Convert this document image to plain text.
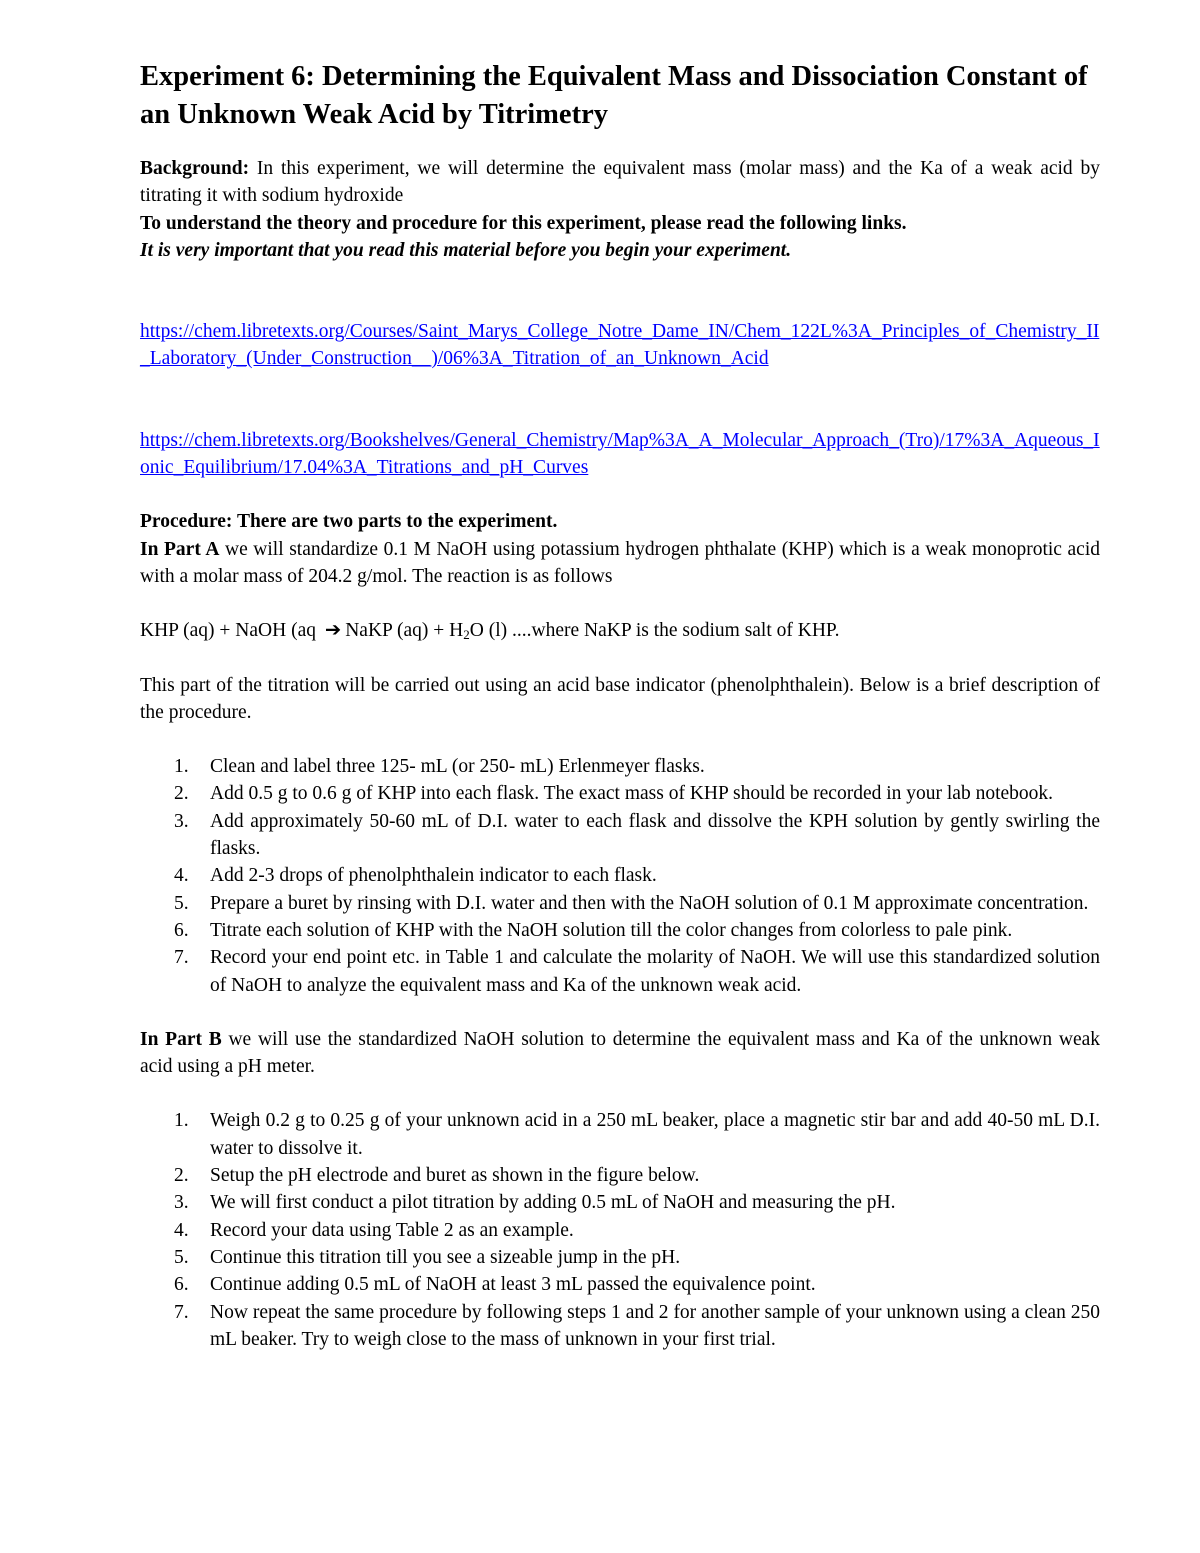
Experiment 6: Determining the Equivalent Mass and Dissociation Constant of an Unknown Weak Acid by Titrimetry

Background: In this experiment, we will determine the equivalent mass (molar mass) and the Ka of a weak acid by titrating it with sodium hydroxide

To understand the theory and procedure for this experiment, please read the following links.

It is very important that you read this material before you begin your experiment.

https://chem.libretexts.org/Courses/Saint_Marys_College_Notre_Dame_IN/Chem_122L%3A_Principles_of_Chemistry_II_Laboratory_(Under_Construction__)/06%3A_Titration_of_an_Unknown_Acid

https://chem.libretexts.org/Bookshelves/General_Chemistry/Map%3A_A_Molecular_Approach_(Tro)/17%3A_Aqueous_Ionic_Equilibrium/17.04%3A_Titrations_and_pH_Curves

Procedure: There are two parts to the experiment.

In Part A we will standardize 0.1 M NaOH using potassium hydrogen phthalate (KHP) which is a weak monoprotic acid with a molar mass of 204.2 g/mol. The reaction is as follows

KHP (aq) + NaOH (aq ➔ NaKP $(aq) + H_2O$ (l) ....where NaKP is the sodium salt of KHP.

This part of the titration will be carried out using an acid base indicator (phenolphthalein). Below is a brief description of the procedure.

1. Clean and label three 125- mL (or 250- mL) Erlenmeyer flasks.
2. Add 0.5 g to 0.6 g of KHP into each flask. The exact mass of KHP should be recorded in your lab notebook.
3. Add approximately 50-60 mL of D.I. water to each flask and dissolve the KPH solution by gently swirling the flasks.
4. Add 2-3 drops of phenolphthalein indicator to each flask.
5. Prepare a buret by rinsing with D.I. water and then with the NaOH solution of 0.1 M approximate concentration.
6. Titrate each solution of KHP with the NaOH solution till the color changes from colorless to pale pink.
7. Record your end point etc. in Table 1 and calculate the molarity of NaOH. We will use this standardized solution of NaOH to analyze the equivalent mass and Ka of the unknown weak acid.

In Part B we will use the standardized NaOH solution to determine the equivalent mass and Ka of the unknown weak acid using a pH meter.

1. Weigh 0.2 g to 0.25 g of your unknown acid in a 250 mL beaker, place a magnetic stir bar and add 40-50 mL D.I. water to dissolve it.
2. Setup the pH electrode and buret as shown in the figure below.
3. We will first conduct a pilot titration by adding 0.5 mL of NaOH and measuring the pH.
4. Record your data using Table 2 as an example.
5. Continue this titration till you see a sizeable jump in the pH.
6. Continue adding 0.5 mL of NaOH at least 3 mL passed the equivalence point.
7. Now repeat the same procedure by following steps 1 and 2 for another sample of your unknown using a clean 250 mL beaker. Try to weigh close to the mass of unknown in your first trial.
